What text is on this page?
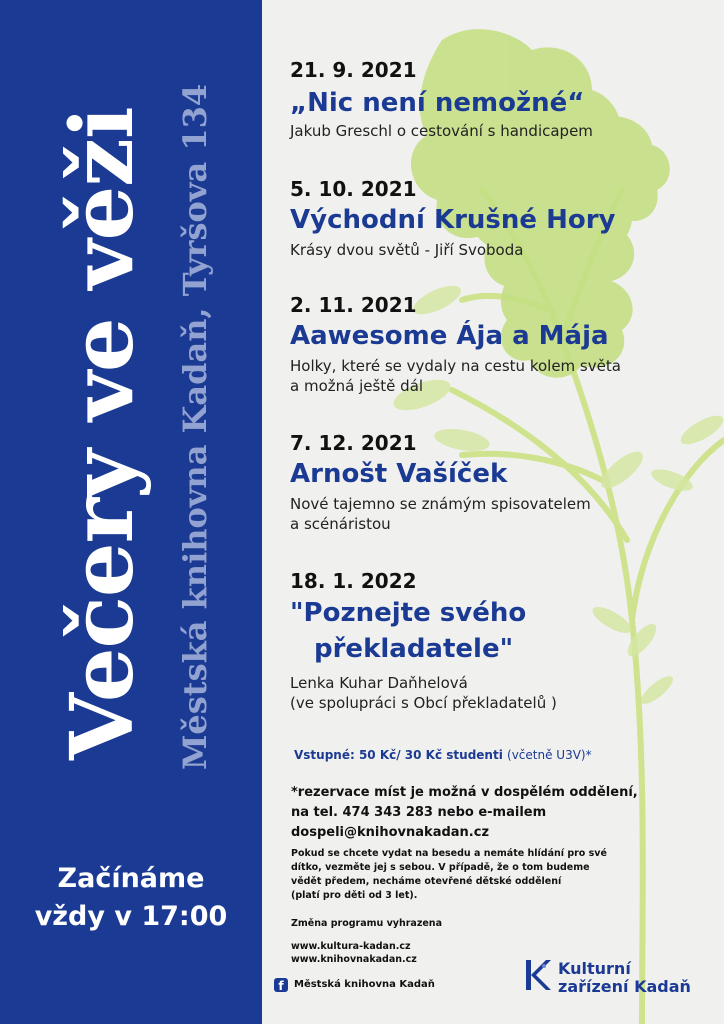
Večery ve věži Městská knihovna Kadaň, Tyršova 134
Začínáme
vždy v 17:00
21. 9. 2021
„Nic není nemožné“
Jakub Greschl o cestování s handicapem
5. 10. 2021
Východní Krušné Hory
Krásy dvou světů - Jiří Svoboda
2. 11. 2021
Aawesome Ája a Mája
Holky, které se vydaly na cestu kolem světa
a možná ještě dál
7. 12. 2021
Arnošt Vašíček
Nové tajemno se známým spisovatelem
a scénáristou
18. 1. 2022
"Poznejte svého
překladatele"
Lenka Kuhar Daňhelová
(ve spolupráci s Obcí překladatelů )
Vstupné: 50 Kč/ 30 Kč studenti (včetně U3V)*
*rezervace míst je možná v dospělém oddělení,
na tel. 474 343 283 nebo e-mailem
dospeli@knihovnakadan.cz
Pokud se chcete vydat na besedu a nemáte hlídání pro své
dítko, vezměte jej s sebou. V případě, že o tom budeme
vědět předem, necháme otevřené dětské oddělení
(platí pro děti od 3 let).
Změna programu vyhrazena
www.kultura-kadan.cz
www.knihovnakadan.cz
f	Městská knihovna Kadaň
Kulturní
zařízení Kadaň
